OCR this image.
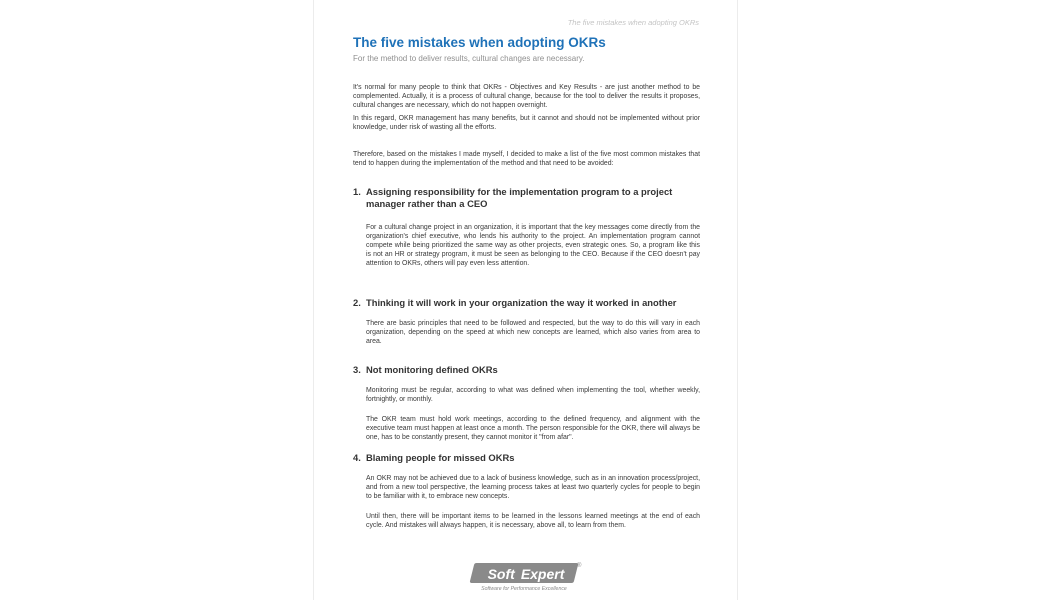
The five mistakes when adopting OKRs
The five mistakes when adopting OKRs
For the method to deliver results, cultural changes are necessary.

It's normal for many people to think that OKRs - Objectives and Key Results - are just another method to be complemented. Actually, it is a process of cultural change, because for the tool to deliver the results it proposes, cultural changes are necessary, which do not happen overnight.

In this regard, OKR management has many benefits, but it cannot and should not be implemented without prior knowledge, under risk of wasting all the efforts.

Therefore, based on the mistakes I made myself, I decided to make a list of the five most common mistakes that tend to happen during the implementation of the method and that need to be avoided:

1. Assigning responsibility for the implementation program to a project manager rather than a CEO

For a cultural change project in an organization, it is important that the key messages come directly from the organization's chief executive, who lends his authority to the project. An implementation program cannot compete while being prioritized the same way as other projects, even strategic ones. So, a program like this is not an HR or strategy program, it must be seen as belonging to the CEO. Because if the CEO doesn't pay attention to OKRs, others will pay even less attention.

2. Thinking it will work in your organization the way it worked in another

There are basic principles that need to be followed and respected, but the way to do this will vary in each organization, depending on the speed at which new concepts are learned, which also varies from area to area.

3. Not monitoring defined OKRs

Monitoring must be regular, according to what was defined when implementing the tool, whether weekly, fortnightly, or monthly.

The OKR team must hold work meetings, according to the defined frequency, and alignment with the executive team must happen at least once a month. The person responsible for the OKR, there will always be one, has to be constantly present, they cannot monitor it "from afar".

4. Blaming people for missed OKRs

An OKR may not be achieved due to a lack of business knowledge, such as in an innovation process/project, and from a new tool perspective, the learning process takes at least two quarterly cycles for people to begin to be familiar with it, to embrace new concepts.

Until then, there will be important items to be learned in the lessons learned meetings at the end of each cycle. And mistakes will always happen, it is necessary, above all, to learn from them.

Soft Expert ®
Software for Performance Excellence
